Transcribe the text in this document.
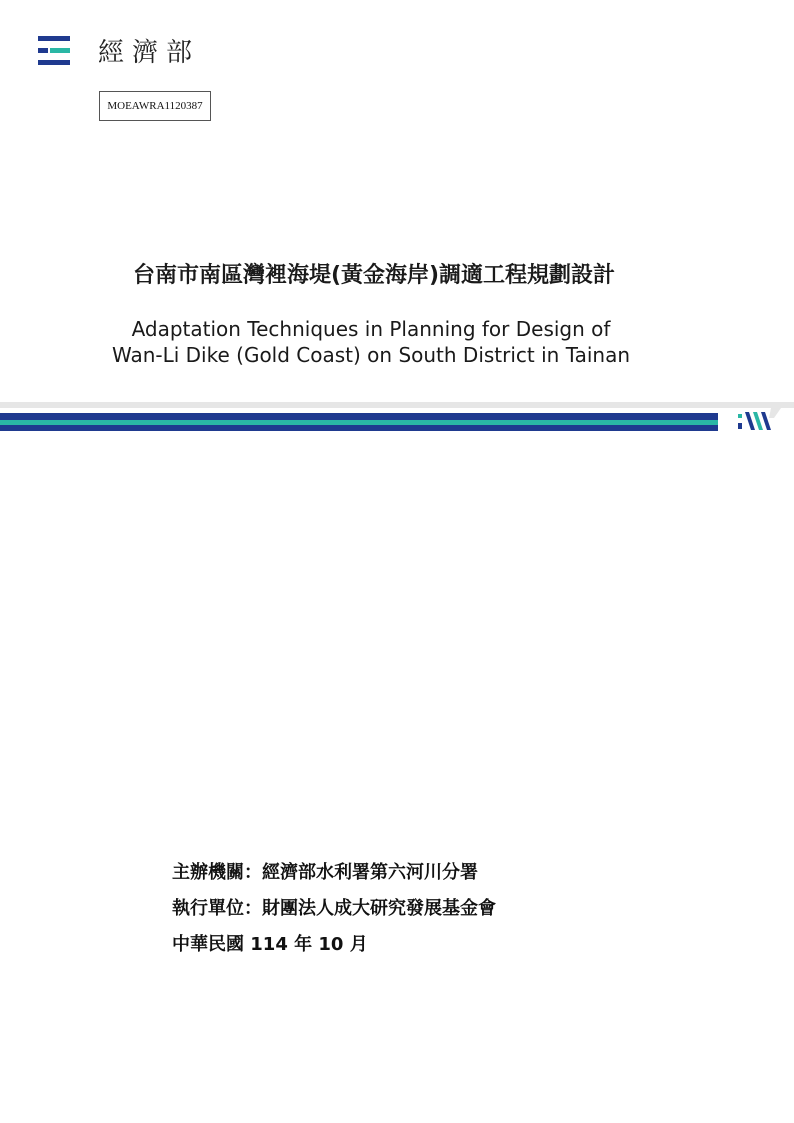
經濟部
MOEAWRA1120387
台南市南區灣裡海堤(黃金海岸)調適工程規劃設計
Adaptation Techniques in Planning for Design of
Wan-Li Dike (Gold Coast) on South District in Tainan
主辦機關：經濟部水利署第六河川分署
執行單位：財團法人成大研究發展基金會
中華民國 114 年 10 月
